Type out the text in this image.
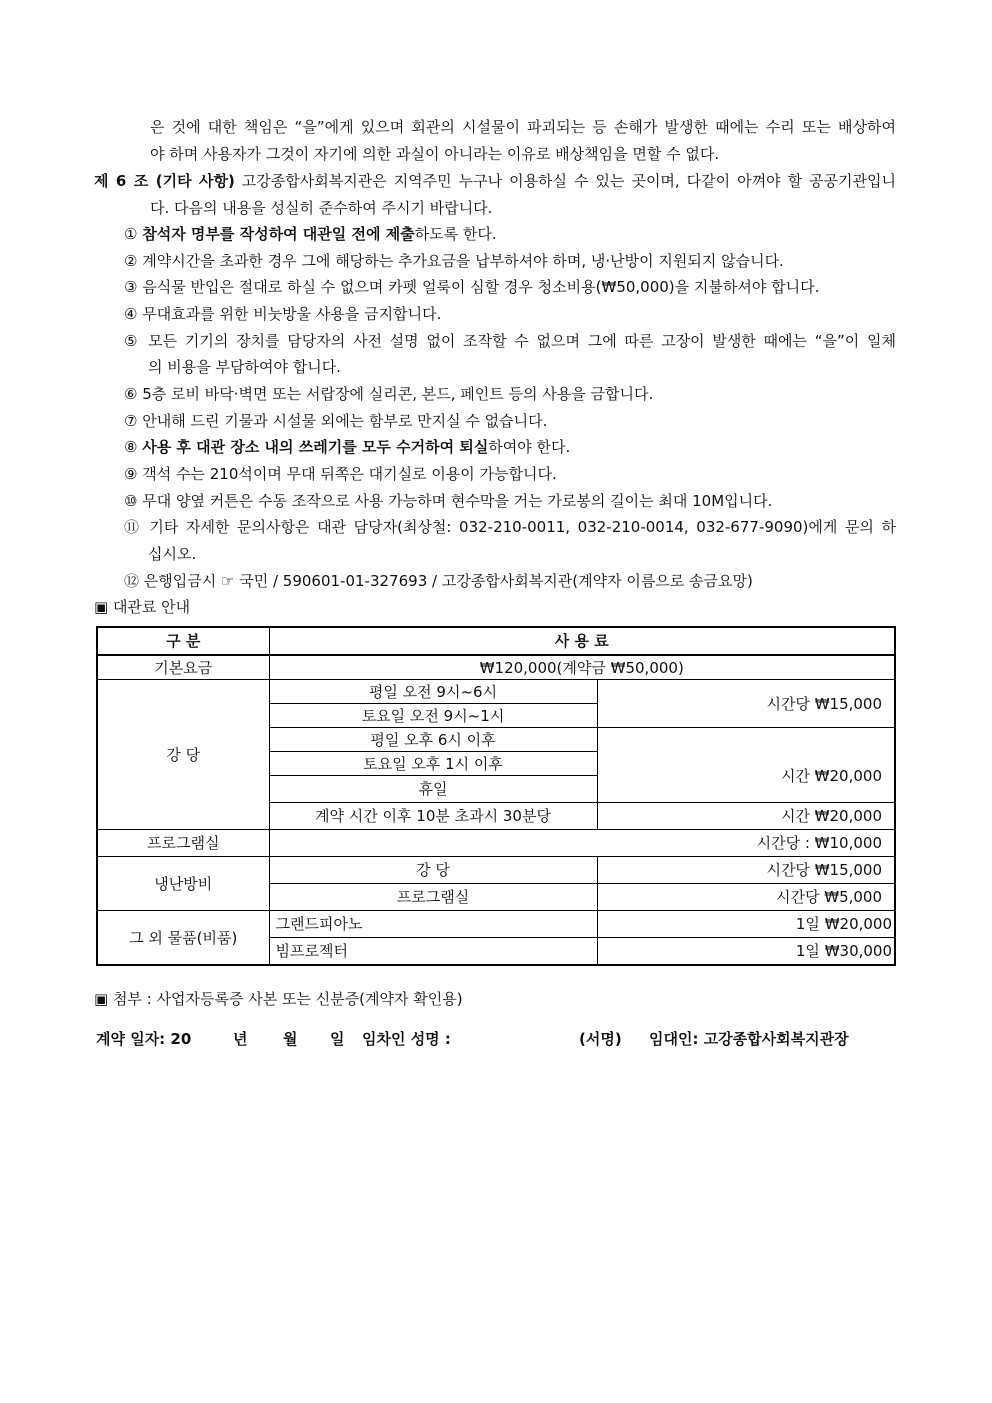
은 것에 대한 책임은 “을”에게 있으며 회관의 시설물이 파괴되는 등 손해가 발생한 때에는 수리 또는 배상하여
야 하며 사용자가 그것이 자기에 의한 과실이 아니라는 이유로 배상책임을 면할 수 없다.
제 6 조 (기타 사항) 고강종합사회복지관은 지역주민 누구나 이용하실 수 있는 곳이며, 다같이 아껴야 할 공공기관입니
다. 다음의 내용을 성실히 준수하여 주시기 바랍니다.
① 참석자 명부를 작성하여 대관일 전에 제출하도록 한다.
② 계약시간을 초과한 경우 그에 해당하는 추가요금을 납부하셔야 하며, 냉·난방이 지원되지 않습니다.
③ 음식물 반입은 절대로 하실 수 없으며 카펫 얼룩이 심할 경우 청소비용(₩50,000)을 지불하셔야 합니다.
④ 무대효과를 위한 비눗방울 사용을 금지합니다.
⑤ 모든 기기의 장치를 담당자의 사전 설명 없이 조작할 수 없으며 그에 따른 고장이 발생한 때에는 “을”이 일체
의 비용을 부담하여야 합니다.
⑥ 5층 로비 바닥·벽면 또는 서랍장에 실리콘, 본드, 페인트 등의 사용을 금합니다.
⑦ 안내해 드린 기물과 시설물 외에는 함부로 만지실 수 없습니다.
⑧ 사용 후 대관 장소 내의 쓰레기를 모두 수거하여 퇴실하여야 한다.
⑨ 객석 수는 210석이며 무대 뒤쪽은 대기실로 이용이 가능합니다.
⑩ 무대 양옆 커튼은 수동 조작으로 사용 가능하며 현수막을 거는 가로봉의 길이는 최대 10M입니다.
⑪ 기타 자세한 문의사항은 대관 담당자(최상철: 032-210-0011, 032-210-0014, 032-677-9090)에게 문의 하
십시오.
⑫ 은행입금시 ☞ 국민 / 590601-01-327693 / 고강종합사회복지관(계약자 이름으로 송금요망)
▣ 대관료 안내
구 분	사 용 료	
기본요금	₩120,000(계약금 ₩50,000)	
강 당	평일 오전 9시~6시	시간당 ₩15,000
	토요일 오전 9시~1시	
	평일 오후 6시 이후	시간 ₩20,000
	토요일 오후 1시 이후	
	휴일	
	계약 시간 이후 10분 초과시 30분당	시간 ₩20,000
프로그램실	시간당 : ₩10,000	
냉난방비	강 당	시간당 ₩15,000
	프로그램실	시간당 ₩5,000
그 외 물품(비품)	그랜드피아노	1일 ₩20,000
	빔프로젝터	1일 ₩30,000
▣ 첨부 : 사업자등록증 사본 또는 신분증(계약자 확인용)
계약 일자: 20	년 월 일 임차인 성명 :	(서명) 임대인: 고강종합사회복지관장
